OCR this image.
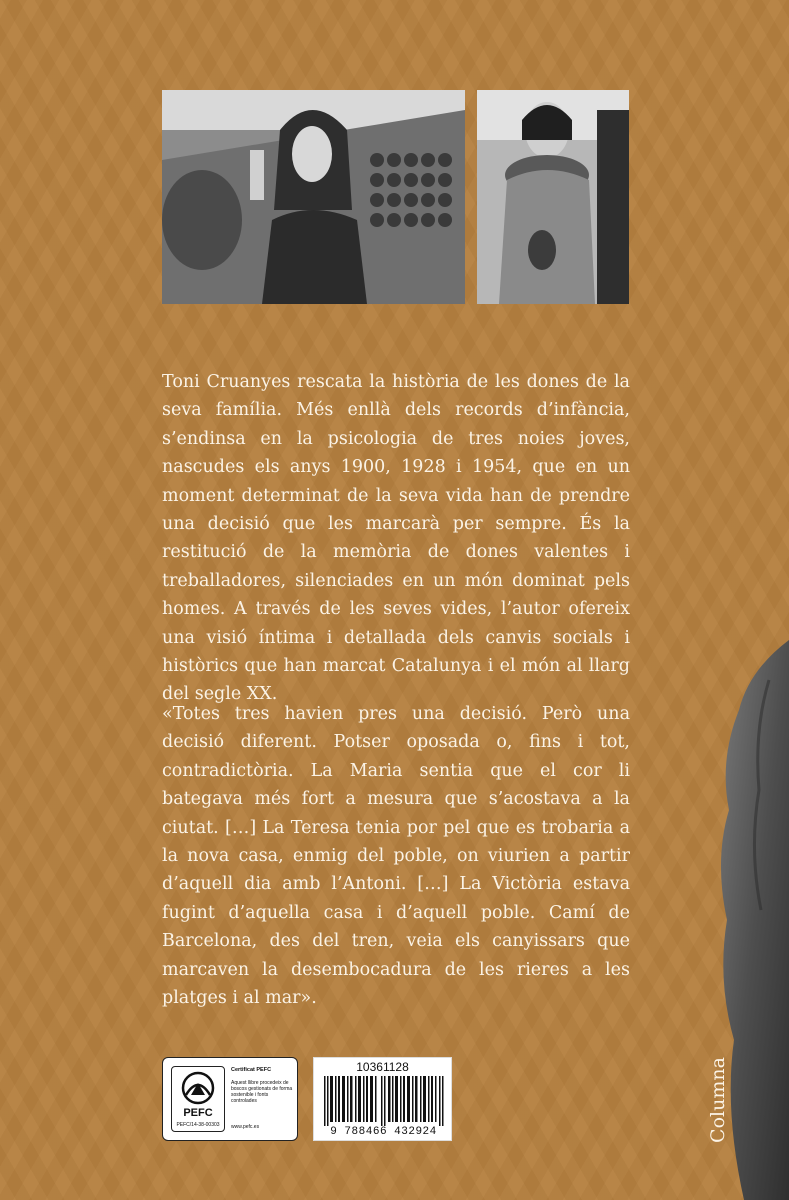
Toni Cruanyes rescata la història de les dones de la seva família. Més enllà dels records d’infància, s’endinsa en la psicologia de tres noies joves, nascudes els anys 1900, 1928 i 1954, que en un moment determinat de la seva vida han de prendre una decisió que les marcarà per sempre. És la restitució de la memòria de dones valentes i treballadores, silenciades en un món dominat pels homes. A través de les seves vides, l’autor ofereix una visió íntima i detallada dels canvis socials i històrics que han marcat Catalunya i el món al llarg del segle XX.

«Totes tres havien pres una decisió. Però una decisió diferent. Potser oposada o, fins i tot, contradictòria. La Maria sentia que el cor li bategava més fort a mesura que s’acostava a la ciutat. […] La Teresa tenia por pel que es trobaria a la nova casa, enmig del poble, on viurien a partir d’aquell dia amb l’Antoni. […] La Victòria estava fugint d’aquella casa i d’aquell poble. Camí de Barcelona, des del tren, veia els canyissars que marcaven la desembocadura de les rieres a les platges i al mar».

PEFC
PEFC/14-38-00303
Certificat PEFC
Aquest llibre procedeix de boscos gestionats de forma sostenible i fonts controlades
www.pefc.es
10361128
9 788466 432924	Columna
